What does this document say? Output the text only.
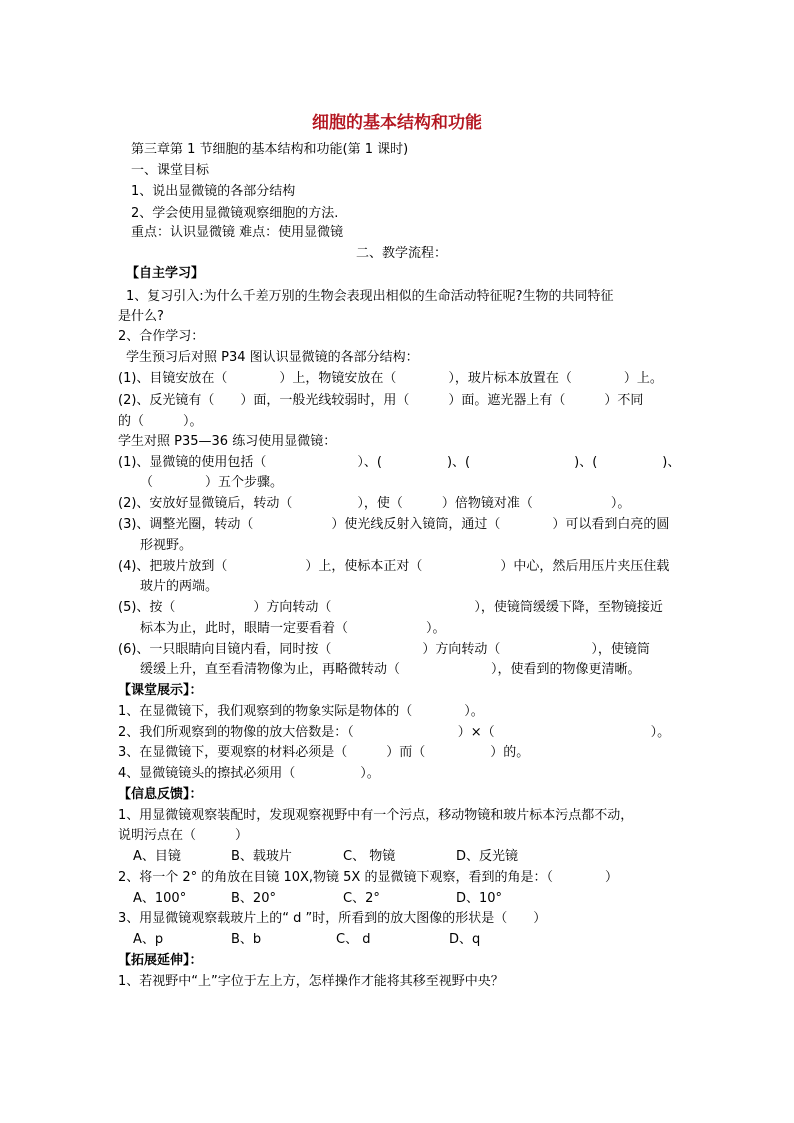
细胞的基本结构和功能
第三章第 1 节细胞的基本结构和功能(第 1 课时)
一、课堂目标
1、说出显微镜的各部分结构
2、学会使用显微镜观察细胞的方法.
重点：认识显微镜 难点：使用显微镜
二、教学流程：
【自主学习】
1、复习引入:为什么千差万别的生物会表现出相似的生命活动特征呢?生物的共同特征
是什么?
2、合作学习：
学生预习后对照 P34 图认识显微镜的各部分结构：
(1)、目镜安放在（　　　　）上，物镜安放在（　　　　），玻片标本放置在（　　　　）上。
(2)、反光镜有（　　）面，一般光线较弱时，用（　　　）面。遮光器上有（　　　）不同
的（　　　）。
学生对照 P35—36 练习使用显微镜：
(1)、显微镜的使用包括（　　　　　　　）、(　　　　　)、(　　　　　　　　)、(　　　　　)、
（　　　　）五个步骤。
(2)、安放好显微镜后，转动（　　　　　），使（　　　）倍物镜对准（　　　　　　）。
(3)、调整光圈，转动（　　　　　　）使光线反射入镜筒，通过（　　　　）可以看到白亮的圆
形视野。
(4)、把玻片放到（　　　　　　）上，使标本正对（　　　　　　）中心，然后用压片夹压住载
玻片的两端。
(5)、按（　　　　　　）方向转动（　　　　　　　　　　　），使镜筒缓缓下降，至物镜接近
标本为止，此时，眼睛一定要看着（　　　　　　）。
(6)、一只眼睛向目镜内看，同时按（　　　　　　　）方向转动（　　　　　　　），使镜筒
缓缓上升，直至看清物像为止，再略微转动（　　　　　　　），使看到的物像更清晰。
【课堂展示】：
1、在显微镜下，我们观察到的物象实际是物体的（　　　　）。
2、我们所观察到的物像的放大倍数是：（　　　　　　　　）×（　　　　　　　　　　　　）。
3、在显微镜下，要观察的材料必须是（　　　）而（　　　　　）的。
4、显微镜镜头的擦拭必须用（　　　　　）。
【信息反馈】：
1、用显微镜观察装配时，发现观察视野中有一个污点，移动物镜和玻片标本污点都不动，
说明污点在（　　　）
A、目镜	B、载玻片	C、 物镜	D、反光镜
2、将一个 2° 的角放在目镜 10X,物镜 5X 的显微镜下观察，看到的角是：（　　　　）
A、100°	B、20°	C、2°	D、10°
3、用显微镜观察载玻片上的“ d ”时，所看到的放大图像的形状是（　　）
A、p	B、b	C、 d	D、q
【拓展延伸】：
1、若视野中“上”字位于左上方，怎样操作才能将其移至视野中央？
